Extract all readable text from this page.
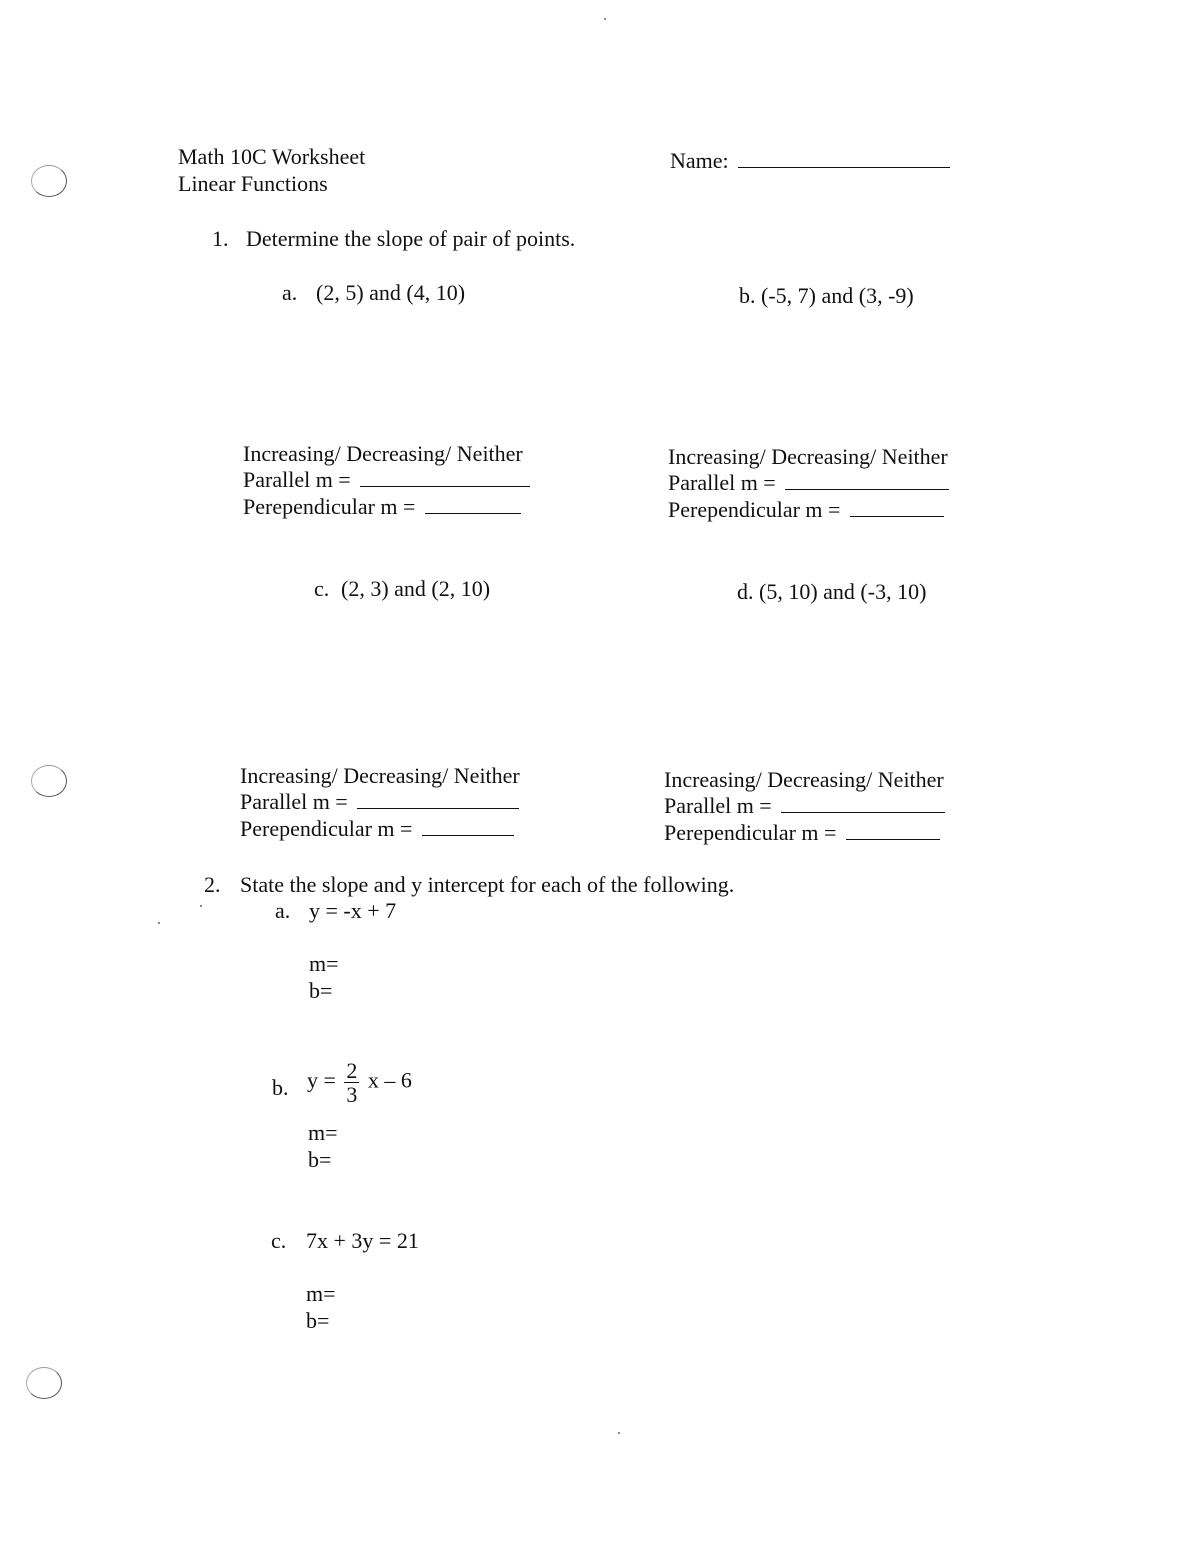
Math 10C Worksheet
Linear Functions
Name:
1. Determine the slope of pair of points.
a. (2, 5) and (4, 10)	b. (-5, 7) and (3, -9)
Increasing/ Decreasing/ Neither
Parallel m =
Perependicular m =
Increasing/ Decreasing/ Neither
Parallel m =
Perependicular m =
c. (2, 3) and (2, 10)	d. (5, 10) and (-3, 10)
Increasing/ Decreasing/ Neither
Parallel m =
Perependicular m =
Increasing/ Decreasing/ Neither
Parallel m =
Perependicular m =
2. State the slope and y intercept for each of the following.
a. y = -x + 7
m=
b=
b. $y = \frac{2}{3}$ x – 6
m=
b=
c. 7x + 3y = 21
m=
b=
